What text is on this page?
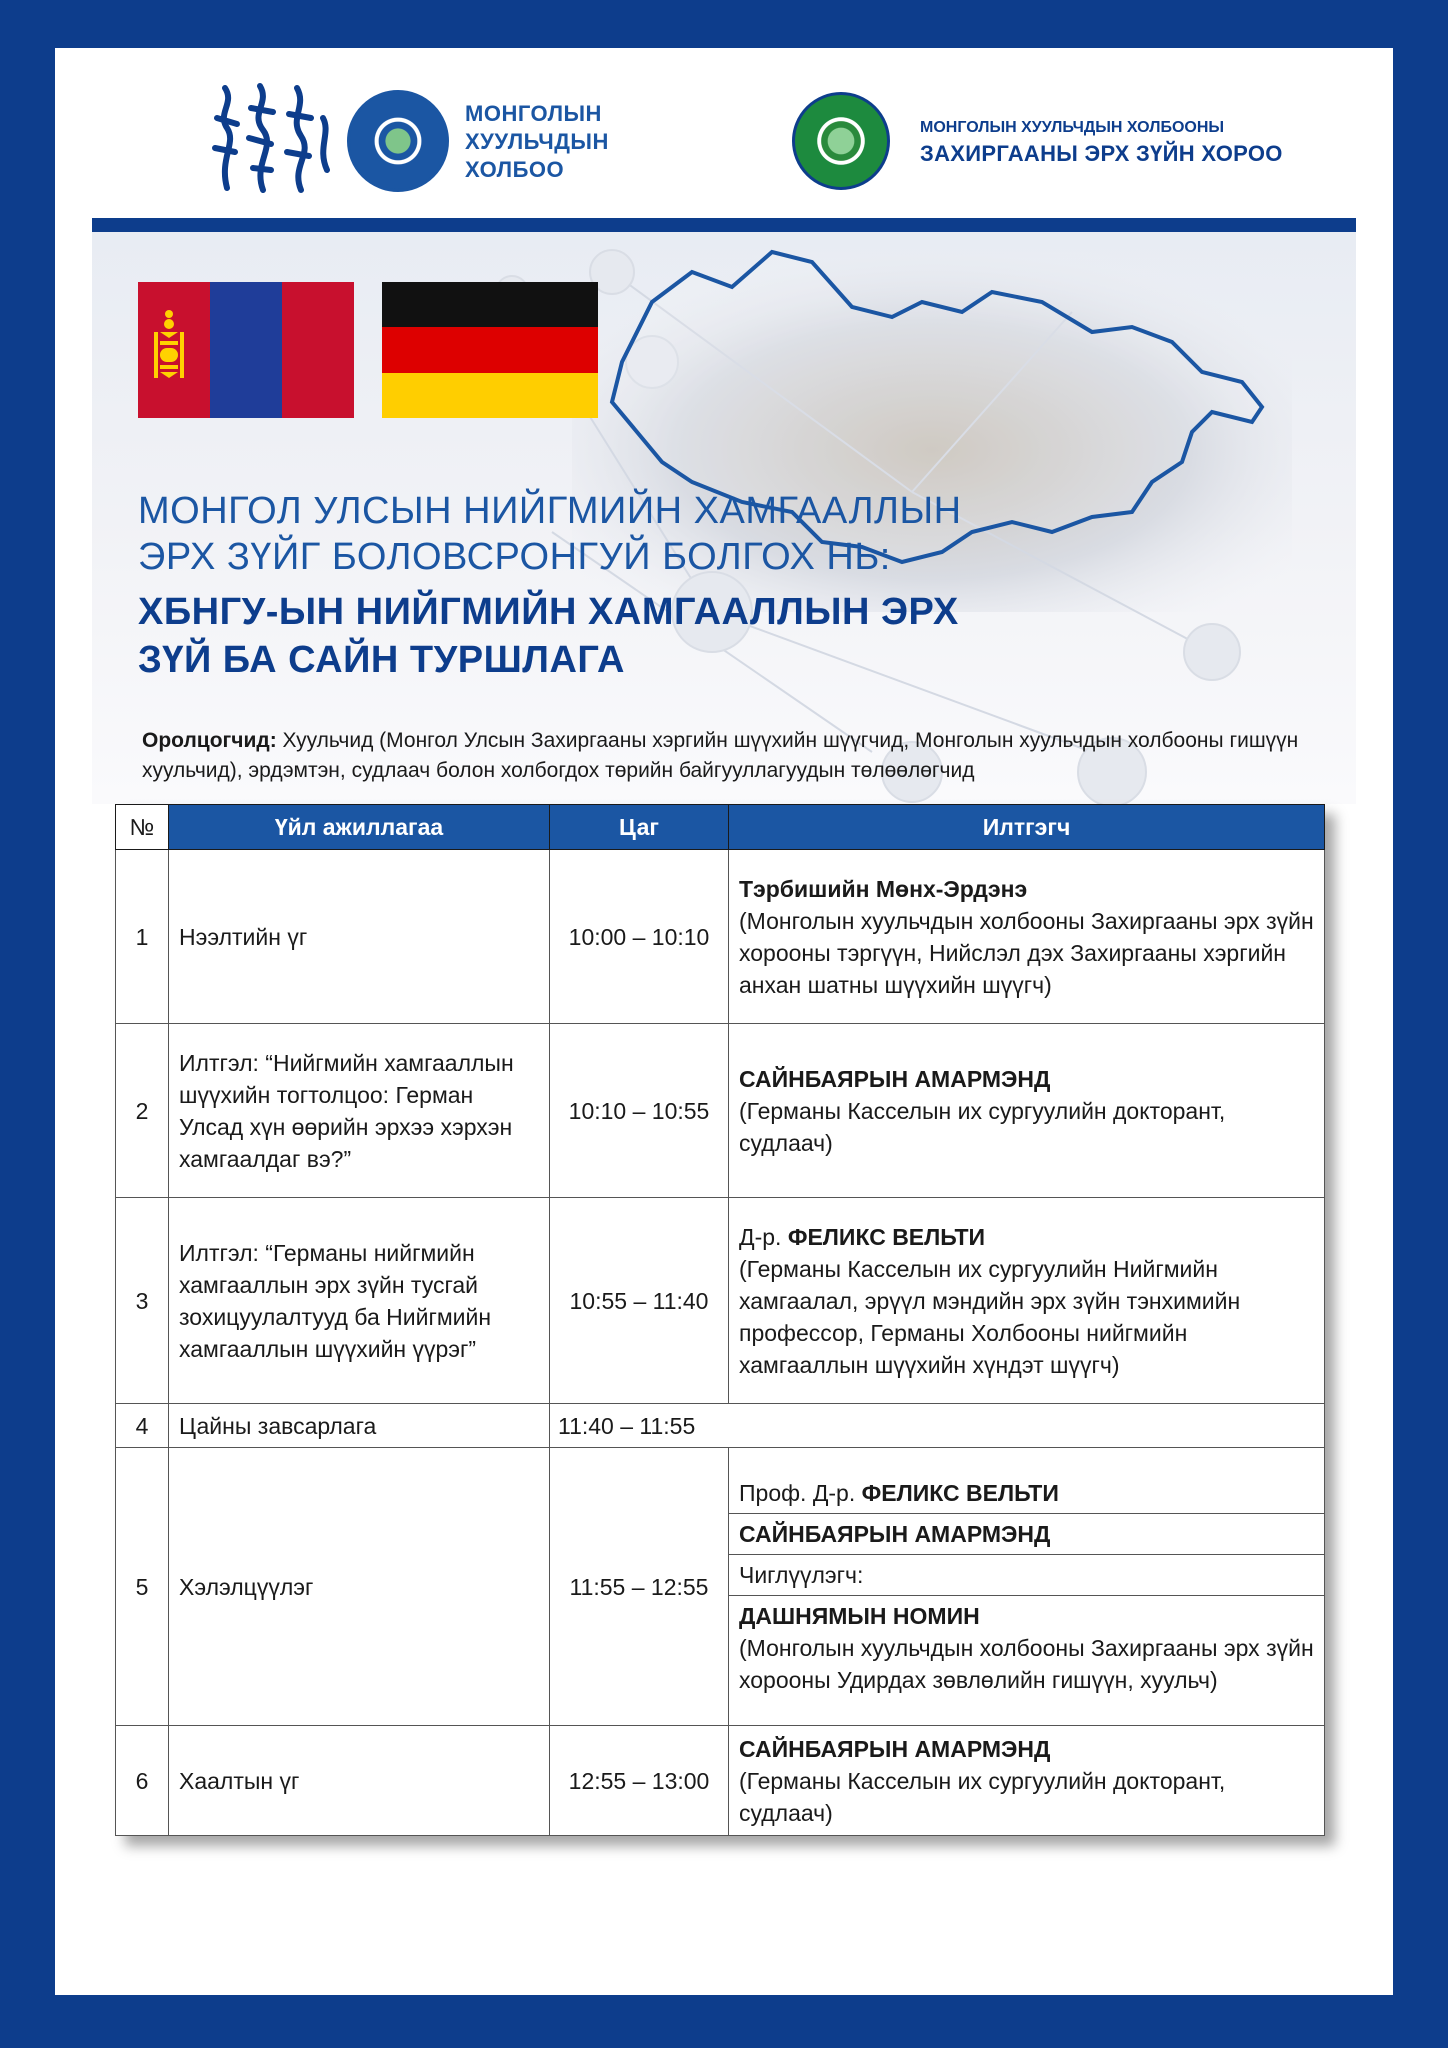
МОНГОЛЫН
ХУУЛЬЧДЫН
ХОЛБОО
МОНГОЛЫН ХУУЛЬЧДЫН ХОЛБООНЫ
ЗАХИРГААНЫ ЭРХ ЗҮЙН ХОРОО
МОНГОЛ УЛСЫН НИЙГМИЙН ХАМГААЛЛЫН
ЭРХ ЗҮЙГ БОЛОВСРОНГУЙ БОЛГОХ НЬ:
ХБНГУ-ЫН НИЙГМИЙН ХАМГААЛЛЫН ЭРХ
ЗҮЙ БА САЙН ТУРШЛАГА
Оролцогчид: Хуульчид (Монгол Улсын Захиргааны хэргийн шүүхийн шүүгчид, Монголын хуульчдын холбооны гишүүн хуульчид), эрдэмтэн, судлаач болон холбогдох төрийн байгууллагуудын төлөөлөгчид
№	Үйл ажиллагаа	Цаг	Илтгэгч
1	Нээлтийн үг	10:00 – 10:10	Тэрбишийн Мөнх-Эрдэнэ
(Монголын хуульчдын холбооны Захиргааны эрх зүйн хорооны тэргүүн, Нийслэл дэх Захиргааны хэргийн анхан шатны шүүхийн шүүгч)

2	Илтгэл: “Нийгмийн хамгааллын шүүхийн тогтолцоо: Герман Улсад хүн өөрийн эрхээ хэрхэн хамгаалдаг вэ?”	10:10 – 10:55	САЙНБАЯРЫН АМАРМЭНД
(Германы Касселын их сургуулийн докторант, судлаач)

3	Илтгэл: “Германы нийгмийн хамгааллын эрх зүйн тусгай зохицуулалтууд ба Нийгмийн хамгааллын шүүхийн үүрэг”	10:55 – 11:40	Д-р. ФЕЛИКС ВЕЛЬТИ
(Германы Касселын их сургуулийн Нийгмийн хамгаалал, эрүүл мэндийн эрх зүйн тэнхимийн профессор, Германы Холбооны нийгмийн хамгааллын шүүхийн хүндэт шүүгч)

4	Цайны завсарлага	11:40 – 11:55	
5	Хэлэлцүүлэг	11:55 – 12:55	Проф. Д-р. ФЕЛИКС ВЕЛЬТИ
САЙНБАЯРЫН АМАРМЭНД
Чиглүүлэгч:
ДАШНЯМЫН НОМИН
(Монголын хуульчдын холбооны Захиргааны эрх зүйн хорооны Удирдах зөвлөлийн гишүүн, хуульч)

6	Хаалтын үг	12:55 – 13:00	САЙНБАЯРЫН АМАРМЭНД
(Германы Касселын их сургуулийн докторант, судлаач)
